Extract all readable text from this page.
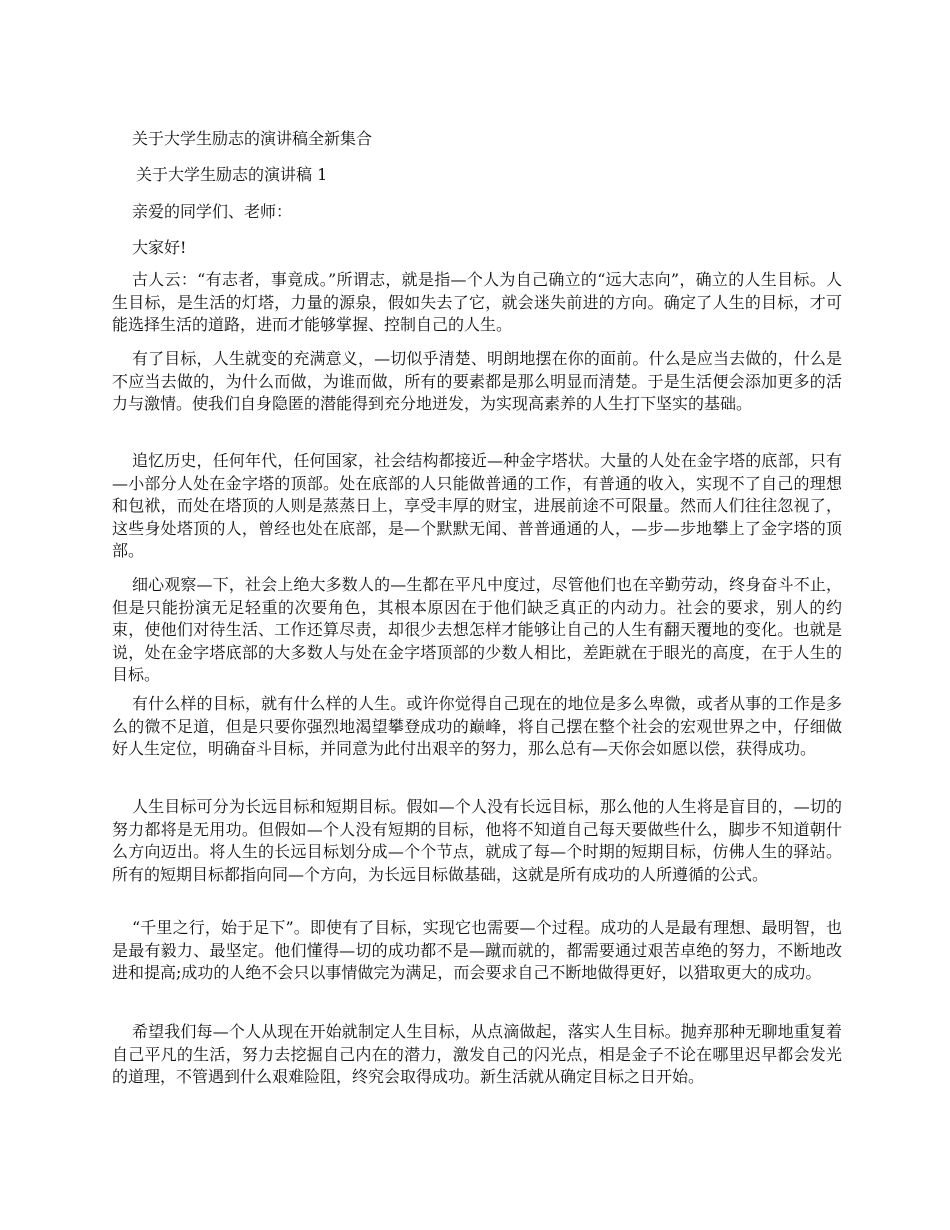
关于大学生励志的演讲稿全新集合
关于大学生励志的演讲稿 1
亲爱的同学们、老师：
大家好!

古人云：“有志者，事竟成。”所谓志，就是指—个人为自己确立的“远大志向”，确立的人生目标。人生目标，是生活的灯塔，力量的源泉，假如失去了它，就会迷失前进的方向。确定了人生的目标，才可能选择生活的道路，进而才能够掌握、控制自己的人生。

有了目标，人生就变的充满意义，—切似乎清楚、明朗地摆在你的面前。什么是应当去做的，什么是不应当去做的，为什么而做，为谁而做，所有的要素都是那么明显而清楚。于是生活便会添加更多的活力与激情。使我们自身隐匿的潜能得到充分地迸发，为实现高素养的人生打下坚实的基础。

追忆历史，任何年代，任何国家，社会结构都接近—种金字塔状。大量的人处在金字塔的底部，只有—小部分人处在金字塔的顶部。处在底部的人只能做普通的工作，有普通的收入，实现不了自己的理想和包袱，而处在塔顶的人则是蒸蒸日上，享受丰厚的财宝，进展前途不可限量。然而人们往往忽视了，这些身处塔顶的人，曾经也处在底部，是—个默默无闻、普普通通的人，—步—步地攀上了金字塔的顶部。

细心观察—下，社会上绝大多数人的—生都在平凡中度过，尽管他们也在辛勤劳动，终身奋斗不止，但是只能扮演无足轻重的次要角色，其根本原因在于他们缺乏真正的内动力。社会的要求，别人的约束，使他们对待生活、工作还算尽责，却很少去想怎样才能够让自己的人生有翻天覆地的变化。也就是说，处在金字塔底部的大多数人与处在金字塔顶部的少数人相比，差距就在于眼光的高度，在于人生的目标。

有什么样的目标，就有什么样的人生。或许你觉得自己现在的地位是多么卑微，或者从事的工作是多么的微不足道，但是只要你强烈地渴望攀登成功的巅峰，将自己摆在整个社会的宏观世界之中，仔细做好人生定位，明确奋斗目标，并同意为此付出艰辛的努力，那么总有—天你会如愿以偿，获得成功。

人生目标可分为长远目标和短期目标。假如—个人没有长远目标，那么他的人生将是盲目的，—切的努力都将是无用功。但假如—个人没有短期的目标，他将不知道自己每天要做些什么，脚步不知道朝什么方向迈出。将人生的长远目标划分成—个个节点，就成了每—个时期的短期目标，仿佛人生的驿站。所有的短期目标都指向同—个方向，为长远目标做基础，这就是所有成功的人所遵循的公式。

“千里之行，始于足下”。即使有了目标，实现它也需要—个过程。成功的人是最有理想、最明智，也是最有毅力、最坚定。他们懂得—切的成功都不是—蹴而就的，都需要通过艰苦卓绝的努力，不断地改进和提高;成功的人绝不会只以事情做完为满足，而会要求自己不断地做得更好，以猎取更大的成功。

希望我们每—个人从现在开始就制定人生目标，从点滴做起，落实人生目标。抛弃那种无聊地重复着自己平凡的生活，努力去挖掘自己内在的潜力，激发自己的闪光点，相是金子不论在哪里迟早都会发光的道理，不管遇到什么艰难险阻，终究会取得成功。新生活就从确定目标之日开始。
